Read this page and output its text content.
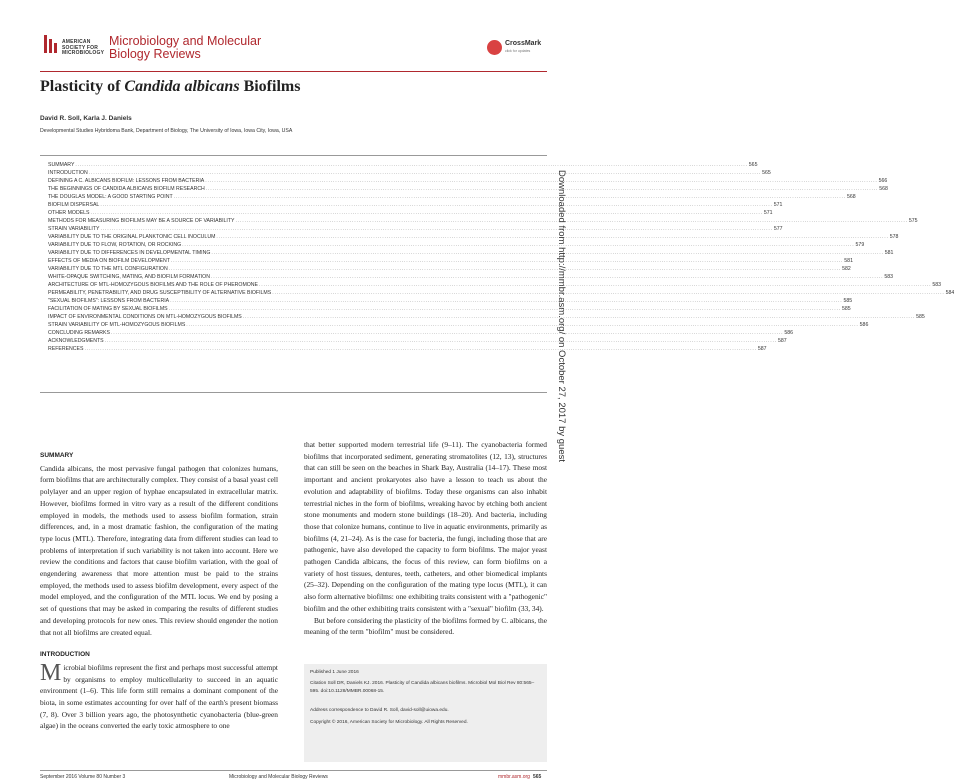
AMERICAN
SOCIETY FOR
MICROBIOLOGY
Microbiology and Molecular
Biology Reviews
CrossMark
click for updates
Plasticity of Candida albicans Biofilms
David R. Soll, Karla J. Daniels
Developmental Studies Hybridoma Bank, Department of Biology, The University of Iowa, Iowa City, Iowa, USA
SUMMARY ............................................................................................................................................................................................................................................................................................................ 565
INTRODUCTION ............................................................................................................................................................................................................................................................................................................ 565
DEFINING A C. ALBICANS BIOFILM: LESSONS FROM BACTERIA ............................................................................................................................................................................................................................................................................................................ 566
THE BEGINNINGS OF CANDIDA ALBICANS BIOFILM RESEARCH ............................................................................................................................................................................................................................................................................................................ 568
THE DOUGLAS MODEL: A GOOD STARTING POINT ............................................................................................................................................................................................................................................................................................................ 568
BIOFILM DISPERSAL ............................................................................................................................................................................................................................................................................................................ 571
OTHER MODELS ............................................................................................................................................................................................................................................................................................................ 571
METHODS FOR MEASURING BIOFILMS MAY BE A SOURCE OF VARIABILITY ............................................................................................................................................................................................................................................................................................................ 575
STRAIN VARIABILITY ............................................................................................................................................................................................................................................................................................................ 577
VARIABILITY DUE TO THE ORIGINAL PLANKTONIC CELL INOCULUM ............................................................................................................................................................................................................................................................................................................ 578
VARIABILITY DUE TO FLOW, ROTATION, OR ROCKING ............................................................................................................................................................................................................................................................................................................ 579
VARIABILITY DUE TO DIFFERENCES IN DEVELOPMENTAL TIMING ............................................................................................................................................................................................................................................................................................................ 581
EFFECTS OF MEDIA ON BIOFILM DEVELOPMENT ............................................................................................................................................................................................................................................................................................................ 581
VARIABILITY DUE TO THE MTL CONFIGURATION ............................................................................................................................................................................................................................................................................................................ 582
WHITE-OPAQUE SWITCHING, MATING, AND BIOFILM FORMATION ............................................................................................................................................................................................................................................................................................................ 583
ARCHITECTURE OF MTL-HOMOZYGOUS BIOFILMS AND THE ROLE OF PHEROMONE ............................................................................................................................................................................................................................................................................................................ 583
PERMEABILITY, PENETRABILITY, AND DRUG SUSCEPTIBILITY OF ALTERNATIVE BIOFILMS ............................................................................................................................................................................................................................................................................................................ 584
"SEXUAL BIOFILMS": LESSONS FROM BACTERIA ............................................................................................................................................................................................................................................................................................................ 585
FACILITATION OF MATING BY SEXUAL BIOFILMS ............................................................................................................................................................................................................................................................................................................ 585
IMPACT OF ENVIRONMENTAL CONDITIONS ON MTL-HOMOZYGOUS BIOFILMS ............................................................................................................................................................................................................................................................................................................ 585
STRAIN VARIABILITY OF MTL-HOMOZYGOUS BIOFILMS ............................................................................................................................................................................................................................................................................................................ 586
CONCLUDING REMARKS ............................................................................................................................................................................................................................................................................................................ 586
ACKNOWLEDGMENTS ............................................................................................................................................................................................................................................................................................................ 587
REFERENCES ............................................................................................................................................................................................................................................................................................................ 587
Downloaded from http://mmbr.asm.org/ on October 27, 2017 by guest
SUMMARY

Candida albicans, the most pervasive fungal pathogen that colonizes humans, form biofilms that are architecturally complex. They consist of a basal yeast cell polylayer and an upper region of hyphae encapsulated in extracellular matrix. However, biofilms formed in vitro vary as a result of the different conditions employed in models, the methods used to assess biofilm formation, strain differences, and, in a most dramatic fashion, the configuration of the mating type locus (MTL). Therefore, integrating data from different studies can lead to problems of interpretation if such variability is not taken into account. Here we review the conditions and factors that cause biofilm variation, with the goal of engendering awareness that more attention must be paid to the strains employed, the methods used to assess biofilm development, every aspect of the model employed, and the configuration of the MTL locus. We end by posing a set of questions that may be asked in comparing the results of different studies and developing protocols for new ones. This review should engender the notion that not all biofilms are created equal.

INTRODUCTION

Microbial biofilms represent the first and perhaps most successful attempt by organisms to employ multicellularity to succeed in an aquatic environment (1–6). This life form still remains a dominant component of the biota, in some estimates accounting for over half of the earth's present biomass (7, 8). Over 3 billion years ago, the photosynthetic cyanobacteria (blue-green algae) in the oceans converted the early toxic atmosphere to one

that better supported modern terrestrial life (9–11). The cyanobacteria formed biofilms that incorporated sediment, generating stromatolites (12, 13), structures that can still be seen on the beaches in Shark Bay, Australia (14–17). These most important and ancient prokaryotes also have a lesson to teach us about the evolution and adaptability of biofilms. Today these organisms can also inhabit terrestrial niches in the form of biofilms, wreaking havoc by etching both ancient stone monuments and modern stone buildings (18–20). And bacteria, including those that colonize humans, continue to live in aquatic environments, primarily as biofilms (4, 21–24). As is the case for bacteria, the fungi, including those that are pathogenic, have also developed the capacity to form biofilms. The major yeast pathogen Candida albicans, the focus of this review, can form biofilms on a variety of host tissues, dentures, teeth, catheters, and other biomedical implants (25–32). Depending on the configuration of the mating type locus (MTL), it can also form alternative biofilms: one exhibiting traits consistent with a "pathogenic" biofilm and the other exhibiting traits consistent with a "sexual" biofilm (33, 34).

But before considering the plasticity of the biofilms formed by C. albicans, the meaning of the term "biofilm" must be considered.

Published 1 June 2016
Citation Soll DR, Daniels KJ. 2016. Plasticity of Candida albicans biofilms. Microbiol Mol Biol Rev 80:565–595. doi:10.1128/MMBR.00068-15.
Address correspondence to David R. Soll, david-soll@uiowa.edu.
Copyright © 2016, American Society for Microbiology. All Rights Reserved.
September 2016 Volume 80 Number 3	Microbiology and Molecular Biology Reviews	mmbr.asm.org 565
